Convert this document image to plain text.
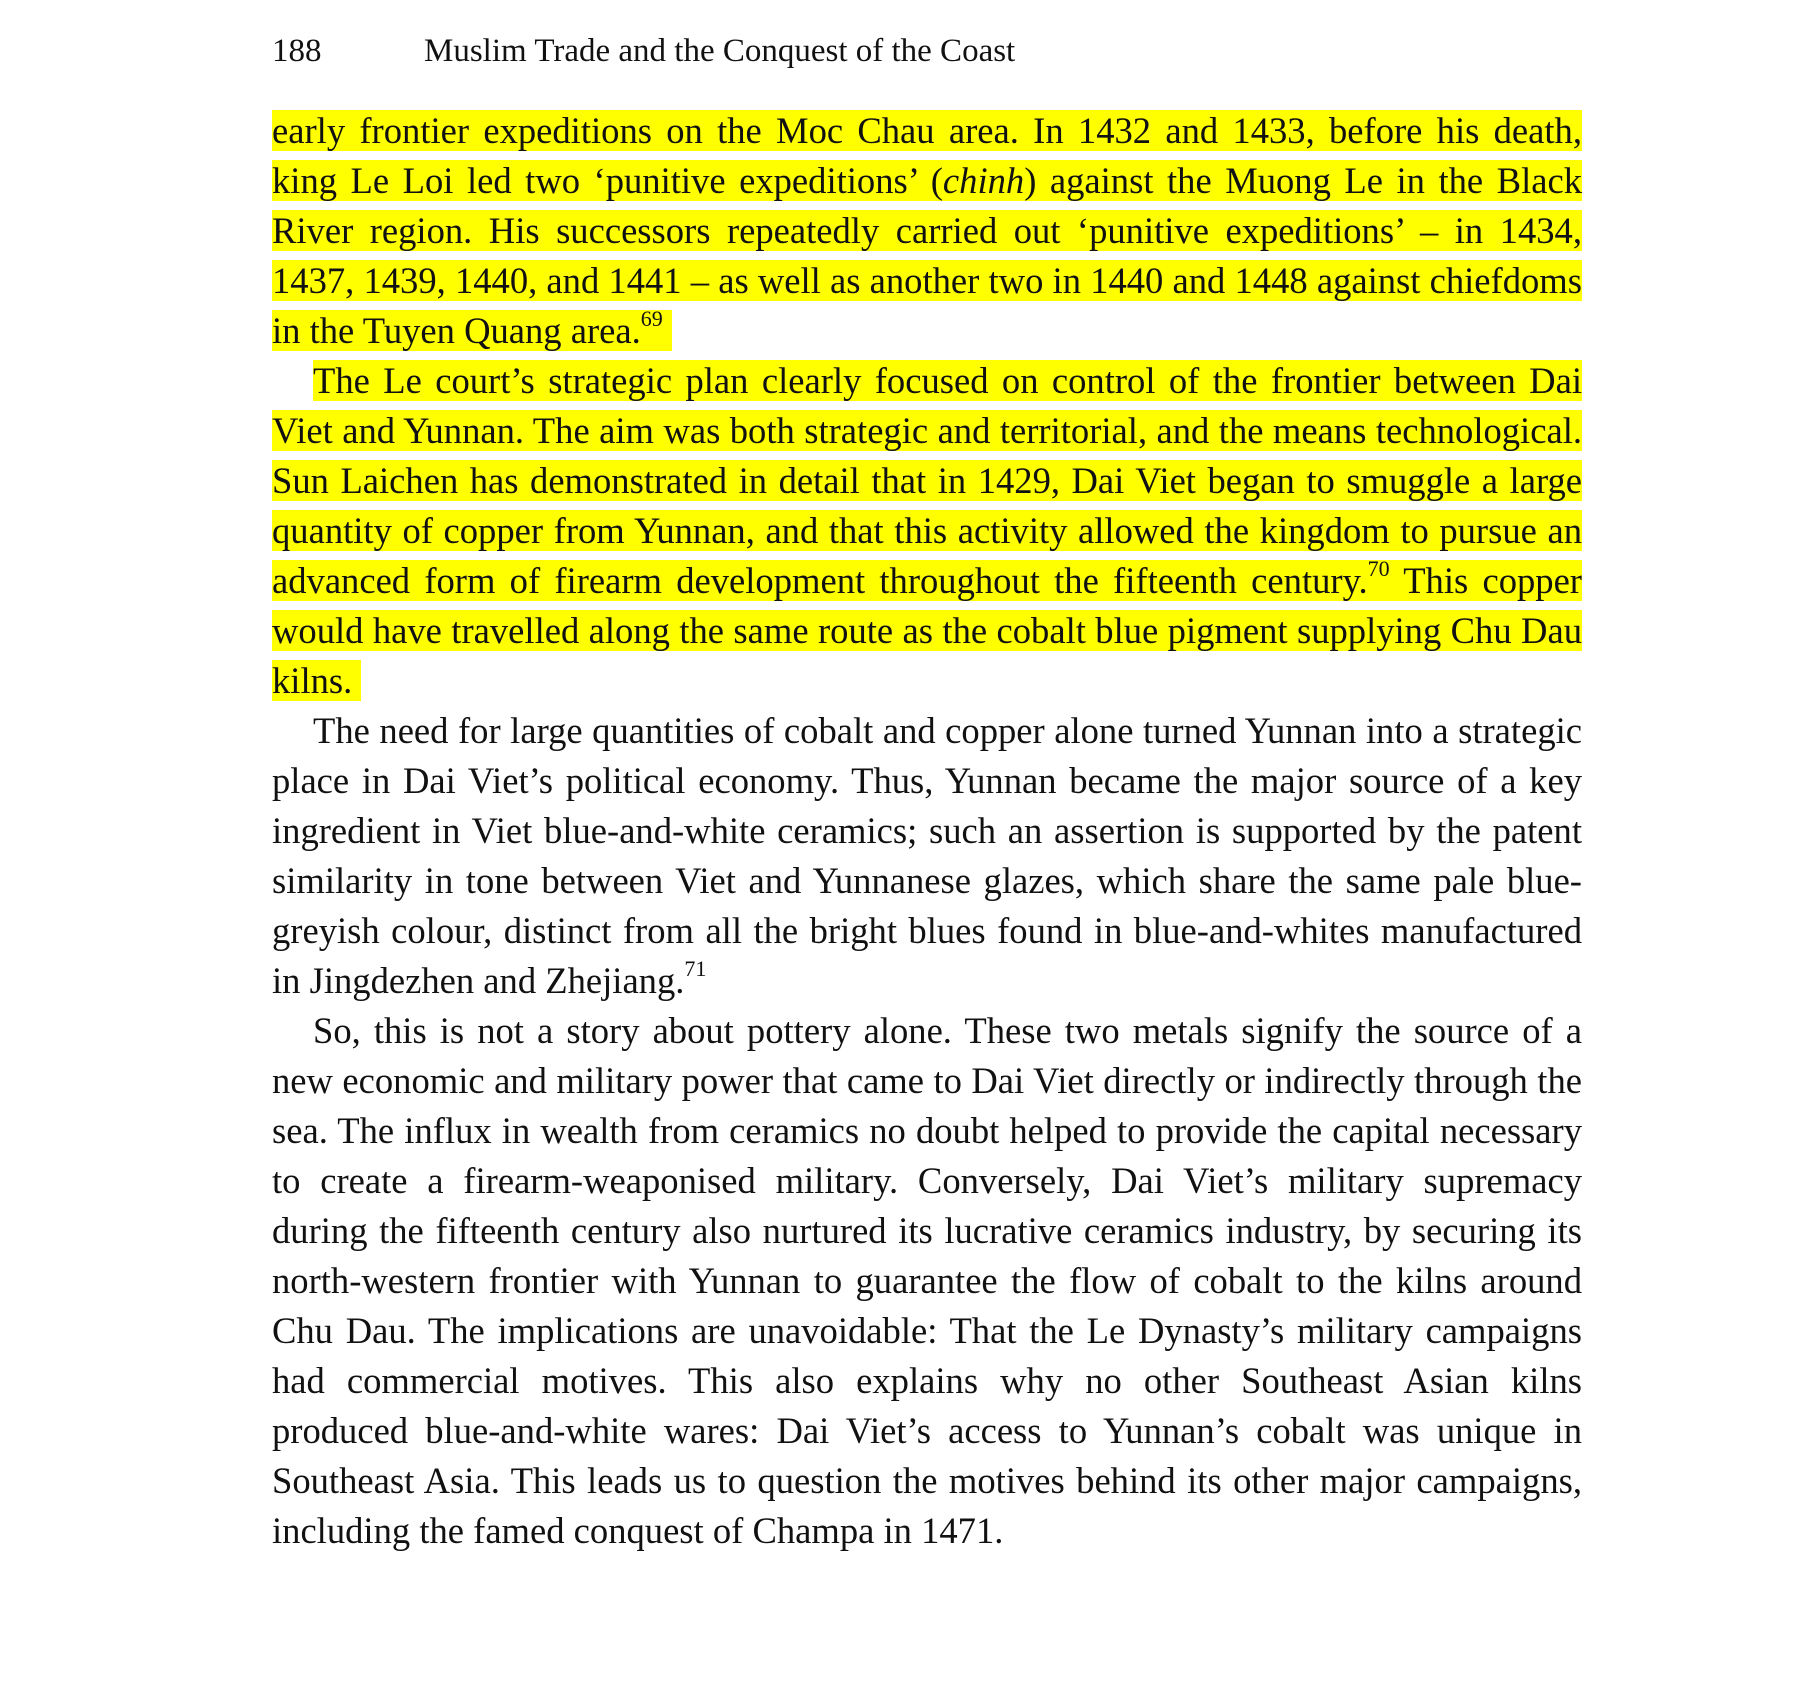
188	Muslim Trade and the Conquest of the Coast

early frontier expeditions on the Moc Chau area. In 1432 and 1433, before his death, king Le Loi led two ‘punitive expeditions’ (chinh) against the Muong Le in the Black River region. His successors repeatedly carried out ‘punitive expeditions’ – in 1434, 1437, 1439, 1440, and 1441 – as well as another two in 1440 and 1448 against chiefdoms in the Tuyen Quang area.$^{69}$

The Le court’s strategic plan clearly focused on control of the frontier between Dai Viet and Yunnan. The aim was both strategic and territorial, and the means technological. Sun Laichen has demonstrated in detail that in 1429, Dai Viet began to smuggle a large quantity of copper from Yunnan, and that this activity allowed the kingdom to pursue an advanced form of firearm development throughout the fifteenth century.$^{70}$ This copper would have travelled along the same route as the cobalt blue pigment supplying Chu Dau kilns.

The need for large quantities of cobalt and copper alone turned Yunnan into a strategic place in Dai Viet’s political economy. Thus, Yunnan became the major source of a key ingredient in Viet blue-and-white ceramics; such an assertion is supported by the patent similarity in tone between Viet and Yunnanese glazes, which share the same pale blue-greyish colour, distinct from all the bright blues found in blue-and-whites manufactured in Jingdezhen and Zhejiang.$^{71}$

So, this is not a story about pottery alone. These two metals signify the source of a new economic and military power that came to Dai Viet directly or indirectly through the sea. The influx in wealth from ceramics no doubt helped to provide the capital necessary to create a firearm-weaponised military. Conversely, Dai Viet’s military supremacy during the fifteenth century also nurtured its lucrative ceramics industry, by securing its north-western frontier with Yunnan to guarantee the flow of cobalt to the kilns around Chu Dau. The implications are unavoidable: That the Le Dynasty’s military campaigns had commercial motives. This also explains why no other Southeast Asian kilns produced blue-and-white wares: Dai Viet’s access to Yunnan’s cobalt was unique in Southeast Asia. This leads us to question the motives behind its other major campaigns, including the famed conquest of Champa in 1471.
